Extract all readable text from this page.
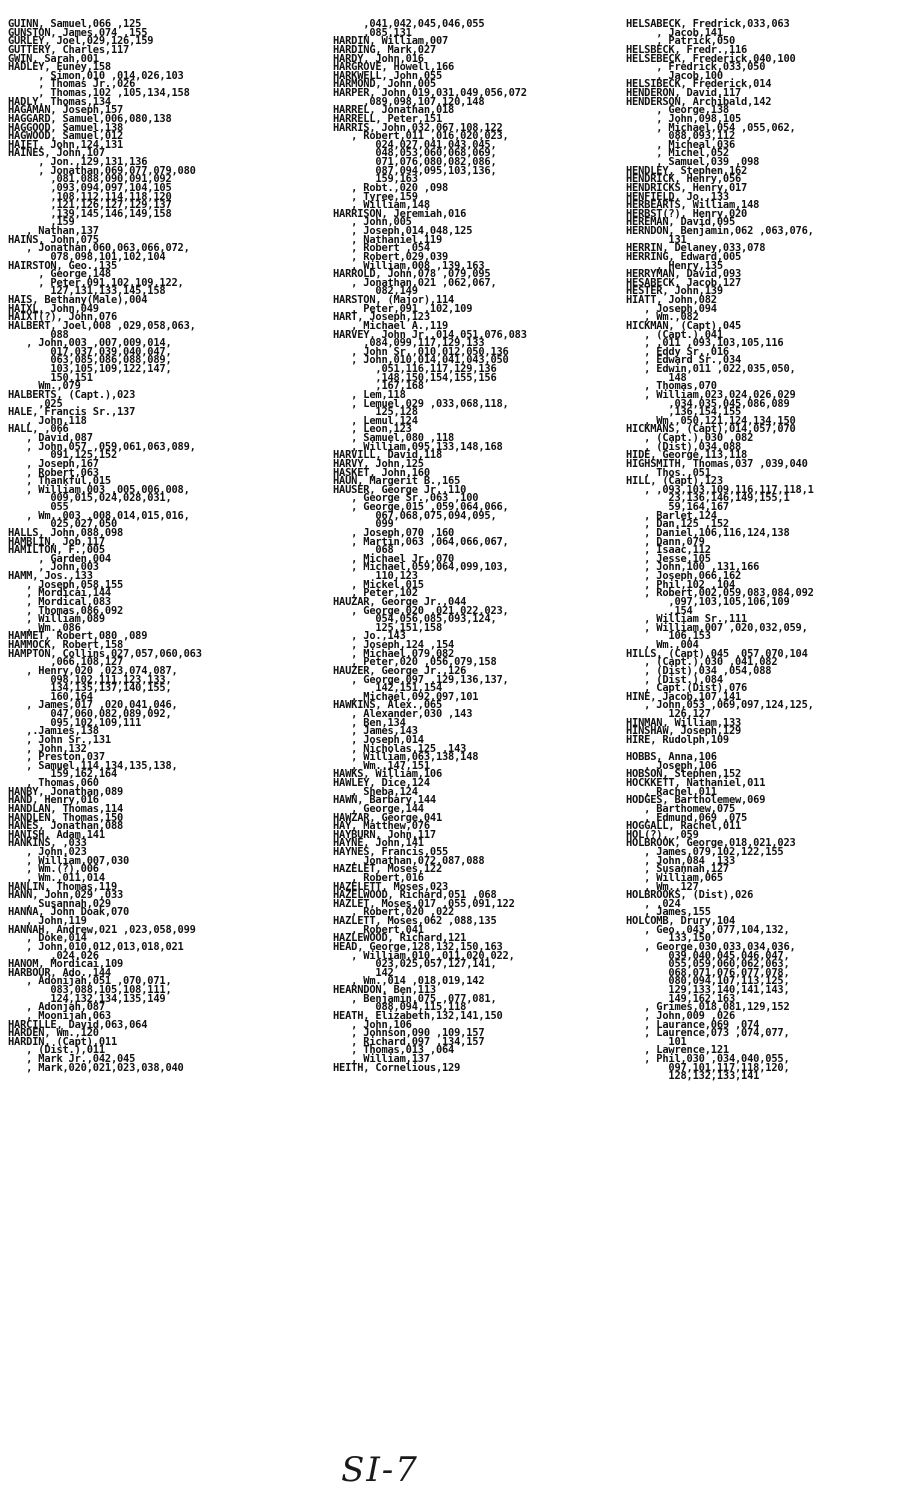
GUINN, Samuel,066 ,125
GUNSTON, James,074 ,155
GURLEY, Joel,029,126,159
GUTTERY, Charles,117
GWIN, Sarah,001
HADLEY, Euney,158
, Simon,010 ,014,026,103
, Thomas Jr.,026
, Thomas,102 ,105,134,158
HADLY, Thomas,134
HAGAMAN, Joseph,157
HAGGARD, Samuel,006,080,138
HAGGOOD, Samuel,138
HAGWOOD, Samuel,012
HAIET, John,124,131
HAINES, John,107
, Jon.,129,131,136
, Jonathan,069,077,079,080
,081,088,090,091,092
,093,094,097,104,105
,108,112,114,118,120
,121,126,127,129,137
,139,145,146,149,158
,159
, Nathan,137
HAINS, John,075
, Jonathan,060,063,066,072,
078,098,101,102,104
HAIRSTON, Geo.,135
, George,148
, Peter,091,102,109,122,
127,131,133,145,158
HAIS, Bethany(Male),004
HAIXL, John,049
HAIXT(?), John,076
HALBERT, Joel,008 ,029,058,063,
088
, John,003 ,007,009,014,
017,037,039,040,047,
063,085,086,088,089,
103,105,109,122,147,
150,151
Wm.,079
HALBERTS, (Capt.),023
,025
HALE, Francis Sr.,137
, John,118
HALL, ,066
, David,087
, John,057 ,059,061,063,089,
091,125,152
, Joseph,167
, Robert,063
, Thankful,015
, William,003 ,005,006,008,
009,015,024,028,031,
055
, Wm.,003 ,008,014,015,016,
025,027,050
HALLS, John,088,098
HAMBLIN, Job,117
HAMILTON, F.,005
, Garden,004
, John,003
HAMM, Jos.,133
, Joseph,058,155
, Mordicai,144
, Mordical,083
, Thomas,086,092
, William,089
, Wm.,086
HAMMET, Robert,080 ,089
HAMMOCK, Robert,158
HAMPTON, Collins,027,057,060,063
,066,108,127
, Henry,020 ,023,074,087,
098,102,111,123,133,
134,135,137,140,155,
160,164
, James,017 ,020,041,046,
047,060,082,089,092,
095,102,109,111
,.Jamies,138
, John Sr.,131
, John,132
, Preston,037
, Samuel,114,134,135,138,
159,162,164
, Thomas,060
HANBY, Jonathan,089
HAND, Henry,016
HANDLAN, Thomas,114
HANDLEN, Thomas,150
HANES, Jonathan,088
HANISH, Adam,141
HANKINS, ,033
, John,023
, William,007,030
, Wm.(?),006
, Wm.,011,014
HANLIN, Thomas,119
HANN, John,029 ,033
, Susannah,029
HANNA, John Doak,070
, John,119
HANNAH, Andrew,021 ,023,058,099
, Doke,014
, John,010,012,013,018,021
,024,026
HANOM, Mordicai,109
HARBOUR, Ado.,144
, Adonijah,051 ,070,071,
083,088,105,108,111,
124,132,134,135,149
, Adonjah,087
, Moonijah,063
HARCILLE, David,063,064
HARDEN, Wm.,120
HARDIN, (Capt),011
, (Dist.),011
, Mark Jr.,042,045
, Mark,020,021,023,038,040
,041,042,045,046,055
,085,131
HARDIN, William,007
HARDING, Mark,027
HARDY, John,016
HARGROVE, Howell,166
HARKWELL, John,055
HARMOND, John,005
HARPER, John,019,031,049,056,072
,089,098,107,120,148
HARREL, Jonathan,018
HARRELL, Peter,151
HARRIS, John,032,067,108,122
, Robert,011 ,016,020,023,
024,027,041,043,045,
048,053,060,068,069,
071,076,080,082,086,
087,094,095,103,136,
159,163
, Robt.,020 ,098
, Tyree,159
, William,148
HARRISON, Jeremiah,016
, John,005
, Joseph,014,048,125
, Nathaniel,119
, Robert ,054
, Robert,029,039
, William,008 ,139,163
HARROLD, John,078 ,079,095
, Jonathan,021 ,062,067,
082,149
HARSTON, (Major),114
, Peter,091 ,102,109
HART, Joseph,123
, Michael A.,119
HARVEY, John Jr.,014,051,076,083
,084,099,117,129,133
, John Sr.,010,012,050,136
, John,010,014,041,043,050
,051,116,117,129,136
,148,150,154,155,156
,167,168
, Lem,118
, Lemuel,029 ,033,068,118,
125,128
, Lemul,124
, Leon,123
, Samuel,080 ,118
, William,095,133,148,168
HARVILL, David,118
HARVY, John,125
HASKET, John,160
HAUN, Margerit B.,165
HAUSER, George Jr.,110
, George Sr.,063 ,100
, George,015 ,059,064,066,
067,068,075,094,095,
099
, Joseph,070 ,160
, Martin,063 ,064,066,067,
068
, Michael Jr.,070
, Michael,059,064,099,103,
110,123
, Mickel,015
, Peter,102
HAUZAR, George Jr.,044
, George,020 ,021,022,023,
054,056,085,093,124,
125,151,158
, Jo.,143
, Joseph,124 ,154
, Michael,079,082
, Peter,020 ,056,079,158
HAUZER, George Jr.,126
, George,097 ,129,136,137,
142,151,154
, Michael,092,097,101
HAWKINS, Alex.,065
, Alexander,030 ,143
, Ben,134
, James,143
, Joseph,014
, Nicholas,125 ,143
, William,063,138,148
, Wm.,147,151
HAWKS, William,106
HAWLEY, Dice,124
, Sheba,124
HAWN, Barbary,144
, George,144
HAWZAR, George,041
HAY, Matthew,076
HAYBURN, John,117
HAYNE, John,141
HAYNES, Francis,055
, Jonathan,072,087,088
HAZELET, Moses,122
, Robert,016
HAZELETT, Moses,023
HAZELWOOD, Richard,051 ,068
HAZLET, Moses,017 ,055,091,122
, Robert,020 ,022
HAZLETT, Moses,062 ,088,135
, Robert,041
HAZLEWOOD, Richard,121
HEAD, George,128,132,150,163
, William,010 ,011,020,022,
023,025,057,127,141,
142
, Wm.,014 ,018,019,142
HEARNDON, Ben,113
, Benjamin,075 ,077,081,
088,094,115,118
HEATH, Elizabeth,132,141,150
, John,106
, Johnson,090 ,109,157
, Richard,097 ,134,157
, Thomas,013 ,064
, William,137
HEITH, Cornelious,129
HELSABECK, Fredrick,033,063
, Jacob,141
, Patrick,050
HELSBECK, Fredr.,116
HELSEBECK, Frederick,040,100
, Fredrick,033,050
, Jacob,100
HELSIBECK, Frederick,014
HENDERON, David,117
HENDERSON, Archibald,142
, George,138
, John,098,105
, Michael,054 ,055,062,
088,093,112
, Micheal,036
, Michel,052
, Samuel,039 ,098
HENDLEY, Stephen,162
HENDRICK, Henry,056
HENDRICKS, Henry,017
HENFIELD, Jo.,133
HERBEARTS, William,148
HERBST(?), Henry,020
HEREMAN, David,095
HERNDON, Benjamin,062 ,063,076,
131
HERRIN, Delaney,033,078
HERRING, Edward,005
, Henry,135
HERRYMAN, David,093
HESABECK, Jacob,127
HESTER, John,139
HIATT, John,082
, Joseph,094
, Wm.,082
HICKMAN, (Capt),045
, (Capt.),041
, ,011 ,093,103,105,116
, Eddy Sr.,016
, Edward Sr.,034
, Edwin,011 ,022,035,050,
148
, Thomas,070
, William,023,024,026,029
,034,035,045,086,089
,136,154,155
, Wm.,050,121,124,134,150
HICKMANS, (Capt),014,057,070
, (Capt.),030 ,082
, (Dist),034,088
HIDE, George,113,118
HIGHSMITH, Thomas,037 ,039,040
, Thos.,051
HILL, (Capt),123
, ,093,103,109,116,117,118,1
23,136,146,149,155,1
59,164,167
, Barlet,124
, Dan,125 ,152
, Daniel,106,116,124,138
, Dann,079
, Isaac,112
, Jesse,105
, John,100 ,131,166
, Joseph,066,162
, Phil,102 ,104
, Robert,002,059,083,084,092
,097,103,105,106,109
,154
, William Sr.,111
, William,007 ,020,032,059,
106,153
, Wm.,004
HILLS, (Capt),045 ,057,070,104
, (Capt.),030 ,041,082
, (Dist),034 ,054,088
, (Dist.),084
, Capt.(Dist),076
HINE, Jacob,107,141
, John,053 ,069,097,124,125,
126,127
HINMAN, William,133
HINSHAW, Joseph,129
HIRE, Rudolph,109

HOBBS, Anna,106
, Joseph,106
HOBSON, Stephen,152
HOCKKETT, Nathaniel,011
, Rachel,011
HODGES, Bartholemew,069
, Barthomew,075
, Edmund,069 ,075
HOGGALL, Rachel,011
HOL(?), ,059
HOLBROOK, George,018,021,023
, James,079,102,122,155
, John,084 ,133
, Susannah,127
, William,065
, Wm.,127
HOLBROOKS, (Dist),026
, ,024
, James,155
HOLCOMB, Drury,104
, Geo.,043 ,077,104,132,
133,150
, George,030,033,034,036,
039,040,045,046,047,
055,059,060,062,063,
068,071,076,077,078,
080,094,107,113,125,
129,133,140,141,143,
149,162,163
, Grimes,018,081,129,152
, John,009 ,026
, Laurance,069 ,074
, Laurence,073 ,074,077,
101
, Lawrence,121
, Phil,030 ,034,040,055,
097,101,117,118,120,
128,132,133,141
SI-7
